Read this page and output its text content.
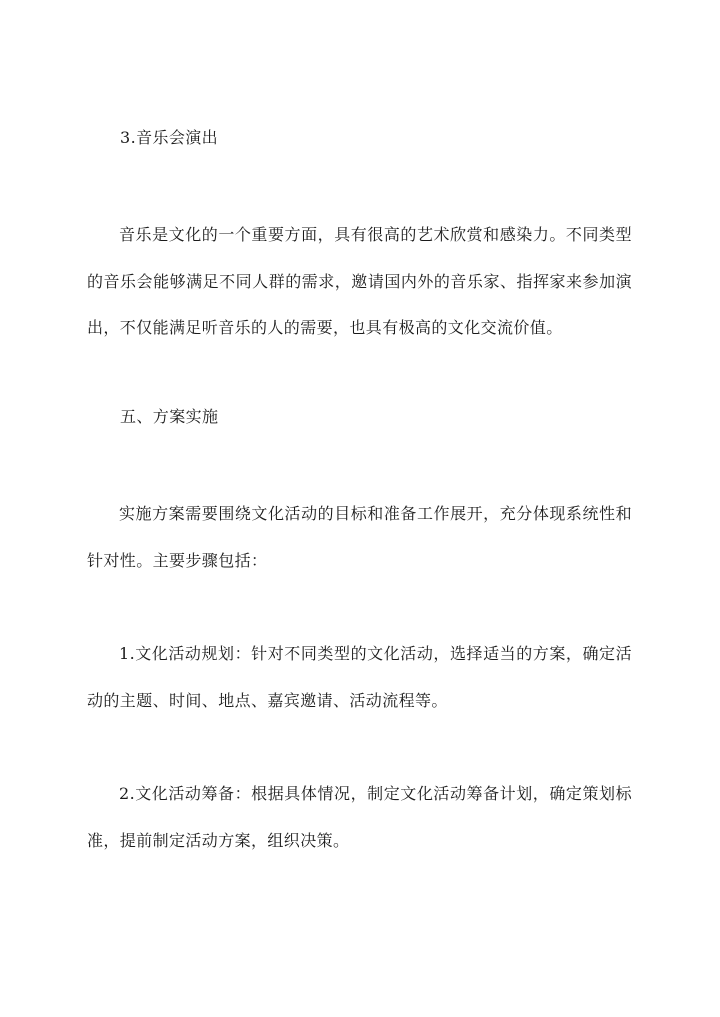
3.音乐会演出

音乐是文化的一个重要方面，具有很高的艺术欣赏和感染力。不同类型的音乐会能够满足不同人群的需求，邀请国内外的音乐家、指挥家来参加演出，不仅能满足听音乐的人的需要，也具有极高的文化交流价值。

五、方案实施

实施方案需要围绕文化活动的目标和准备工作展开，充分体现系统性和针对性。主要步骤包括：

1.文化活动规划：针对不同类型的文化活动，选择适当的方案，确定活动的主题、时间、地点、嘉宾邀请、活动流程等。

2.文化活动筹备：根据具体情况，制定文化活动筹备计划，确定策划标准，提前制定活动方案，组织决策。
